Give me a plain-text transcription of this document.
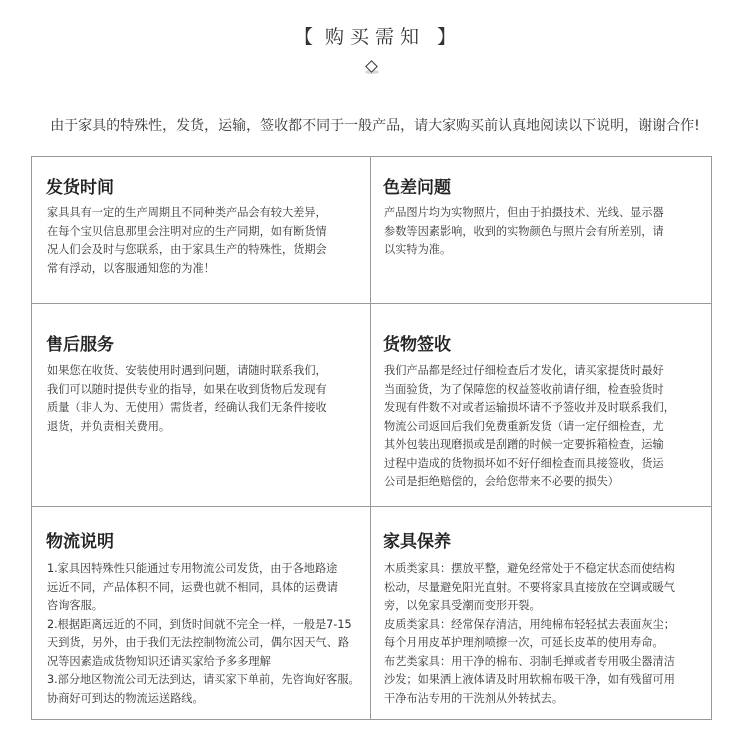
【 购买需知 】
由于家具的特殊性，发货，运输，签收都不同于一般产品，请大家购买前认真地阅读以下说明，谢谢合作!
发货时间
家具具有一定的生产周期且不同种类产品会有较大差异，
在每个宝贝信息那里会注明对应的生产同期，如有断货情
况人们会及时与您联系，由于家具生产的特殊性，货期会
常有浮动，以客服通知您的为准！
色差问题
产品图片均为实物照片，但由于拍摄技术、光线、显示器
参数等因素影响，收到的实物颜色与照片会有所差别，请
以实特为准。
售后服务
如果您在收货、安装使用时遇到问题，请随时联系我们，
我们可以随时提供专业的指导，如果在收到货物后发现有
质量（非人为、无使用）需货者，经确认我们无条件接收
退货，并负责相关费用。
货物签收
我们产品都是经过仔细检查后才发化，请买家提货时最好
当面验货，为了保障您的权益签收前请仔细，检查验货时
发现有件数不对或者运输损坏请不予签收并及时联系我们，
物流公司返回后我们免费重新发货（请一定仔细检查，尤
其外包装出现磨损或是刮蹭的时候一定要拆箱检查，运输
过程中造成的货物损坏如不好仔细检查而具接签收，货运
公司是拒绝赔偿的，会给您带来不必要的损失）
物流说明
1.家具因特殊性只能通过专用物流公司发货，由于各地路途
远近不同，产品体积不同，运费也就不相同，具体的运费请
咨询客服。
2.根据距离远近的不同，到货时间就不完全一样，一般是7-15
天到货，另外，由于我们无法控制物流公司，偶尔因天气、路
况等因素造成货物知识还请买家给予多多理解
3.部分地区物流公司无法到达，请买家下单前，先咨询好客服。
协商好可到达的物流运送路线。
家具保养
木质类家具：摆放平整，避免经常处于不稳定状态而使结构
松动，尽量避免阳光直射。不要将家具直接放在空调或暖气
旁，以免家具受潮而变形开裂。
皮质类家具：经常保存清洁，用纯棉布轻轻拭去表面灰尘；
每个月用皮革护理剂喷擦一次，可延长皮革的使用寿命。
布艺类家具：用干净的棉布、羽制毛掸或者专用吸尘器清洁
沙发；如果洒上液体请及时用软棉布吸干净，如有残留可用
干净布沾专用的干洗剂从外转拭去。
